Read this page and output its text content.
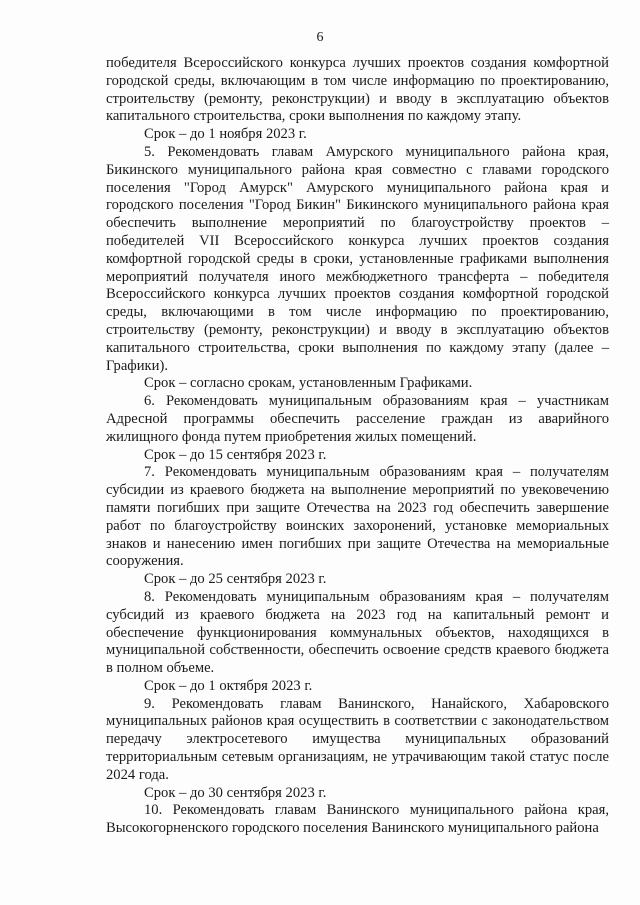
6

победителя Всероссийского конкурса лучших проектов создания комфортной городской среды, включающим в том числе информацию по проектированию, строительству (ремонту, реконструкции) и вводу в эксплуатацию объектов капитального строительства, сроки выполнения по каждому этапу.

Срок – до 1 ноября 2023 г.

5. Рекомендовать главам Амурского муниципального района края, Бикинского муниципального района края совместно с главами городского поселения "Город Амурск" Амурского муниципального района края и городского поселения "Город Бикин" Бикинского муниципального района края обеспечить выполнение мероприятий по благоустройству проектов – победителей VII Всероссийского конкурса лучших проектов создания комфортной городской среды в сроки, установленные графиками выполнения мероприятий получателя иного межбюджетного трансферта – победителя Всероссийского конкурса лучших проектов создания комфортной городской среды, включающими в том числе информацию по проектированию, строительству (ремонту, реконструкции) и вводу в эксплуатацию объектов капитального строительства, сроки выполнения по каждому этапу (далее – Графики).

Срок – согласно срокам, установленным Графиками.

6. Рекомендовать муниципальным образованиям края – участникам Адресной программы обеспечить расселение граждан из аварийного жилищного фонда путем приобретения жилых помещений.

Срок – до 15 сентября 2023 г.

7. Рекомендовать муниципальным образованиям края – получателям субсидии из краевого бюджета на выполнение мероприятий по увековечению памяти погибших при защите Отечества на 2023 год обеспечить завершение работ по благоустройству воинских захоронений, установке мемориальных знаков и нанесению имен погибших при защите Отечества на мемориальные сооружения.

Срок – до 25 сентября 2023 г.

8. Рекомендовать муниципальным образованиям края – получателям субсидий из краевого бюджета на 2023 год на капитальный ремонт и обеспечение функционирования коммунальных объектов, находящихся в муниципальной собственности, обеспечить освоение средств краевого бюджета в полном объеме.

Срок – до 1 октября 2023 г.

9. Рекомендовать главам Ванинского, Нанайского, Хабаровского муниципальных районов края осуществить в соответствии с законодательством передачу электросетевого имущества муниципальных образований территориальным сетевым организациям, не утрачивающим такой статус после 2024 года.

Срок – до 30 сентября 2023 г.

10. Рекомендовать главам Ванинского муниципального района края, Высокогорненского городского поселения Ванинского муниципального района
